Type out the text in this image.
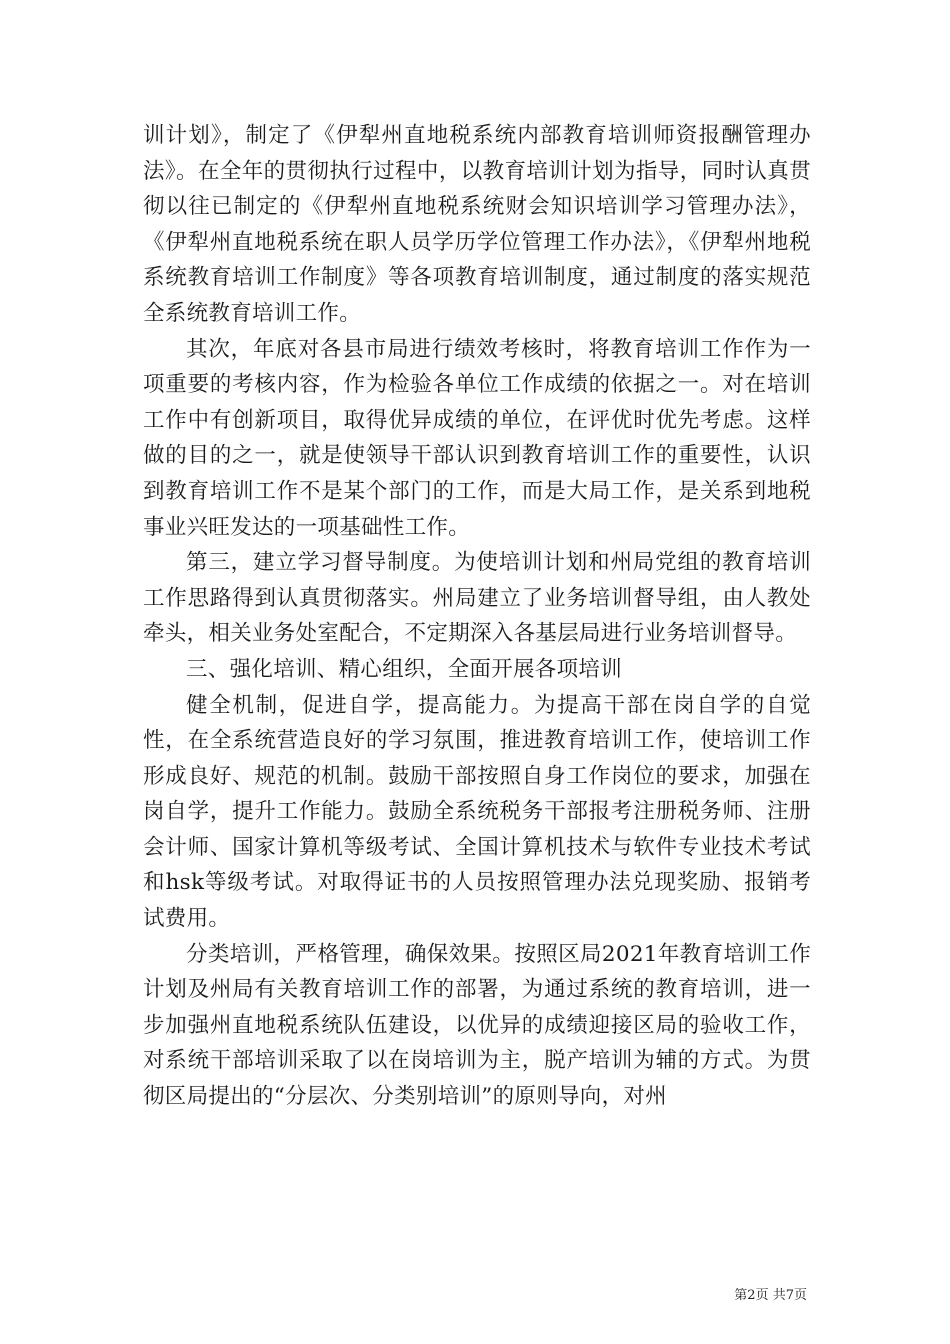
训计划》，制定了《伊犁州直地税系统内部教育培训师资报酬管理办法》。在全年的贯彻执行过程中，以教育培训计划为指导，同时认真贯彻以往已制定的《伊犁州直地税系统财会知识培训学习管理办法》，《伊犁州直地税系统在职人员学历学位管理工作办法》，《伊犁州地税系统教育培训工作制度》等各项教育培训制度，通过制度的落实规范全系统教育培训工作。

其次，年底对各县市局进行绩效考核时，将教育培训工作作为一项重要的考核内容，作为检验各单位工作成绩的依据之一。对在培训工作中有创新项目，取得优异成绩的单位，在评优时优先考虑。这样做的目的之一，就是使领导干部认识到教育培训工作的重要性，认识到教育培训工作不是某个部门的工作，而是大局工作，是关系到地税事业兴旺发达的一项基础性工作。

第三，建立学习督导制度。为使培训计划和州局党组的教育培训工作思路得到认真贯彻落实。州局建立了业务培训督导组，由人教处牵头，相关业务处室配合，不定期深入各基层局进行业务培训督导。

三、强化培训、精心组织，全面开展各项培训

健全机制，促进自学，提高能力。为提高干部在岗自学的自觉性，在全系统营造良好的学习氛围，推进教育培训工作，使培训工作形成良好、规范的机制。鼓励干部按照自身工作岗位的要求，加强在岗自学，提升工作能力。鼓励全系统税务干部报考注册税务师、注册会计师、国家计算机等级考试、全国计算机技术与软件专业技术考试和hsk等级考试。对取得证书的人员按照管理办法兑现奖励、报销考试费用。

分类培训，严格管理，确保效果。按照区局2021年教育培训工作计划及州局有关教育培训工作的部署，为通过系统的教育培训，进一步加强州直地税系统队伍建设，以优异的成绩迎接区局的验收工作，对系统干部培训采取了以在岗培训为主，脱产培训为辅的方式。为贯彻区局提出的“分层次、分类别培训”的原则导向，对州

第2页 共7页
